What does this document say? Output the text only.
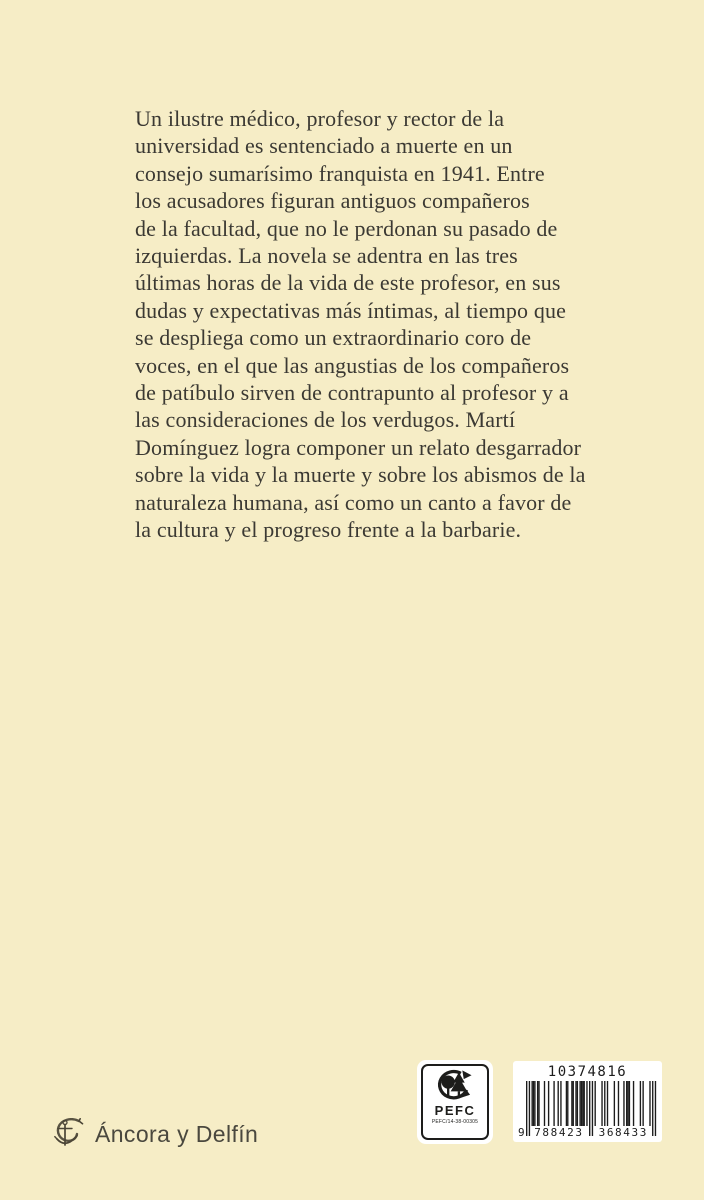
Un ilustre médico, profesor y rector de la
universidad es sentenciado a muerte en un
consejo sumarísimo franquista en 1941. Entre
los acusadores figuran antiguos compañeros
de la facultad, que no le perdonan su pasado de
izquierdas. La novela se adentra en las tres
últimas horas de la vida de este profesor, en sus
dudas y expectativas más íntimas, al tiempo que
se despliega como un extraordinario coro de
voces, en el que las angustias de los compañeros
de patíbulo sirven de contrapunto al profesor y a
las consideraciones de los verdugos. Martí
Domínguez logra componer un relato desgarrador
sobre la vida y la muerte y sobre los abismos de la
naturaleza humana, así como un canto a favor de
la cultura y el progreso frente a la barbarie.
Áncora y Delfín
PEFC
PEFC/14-38-00305
10374816
9 788423 368433
